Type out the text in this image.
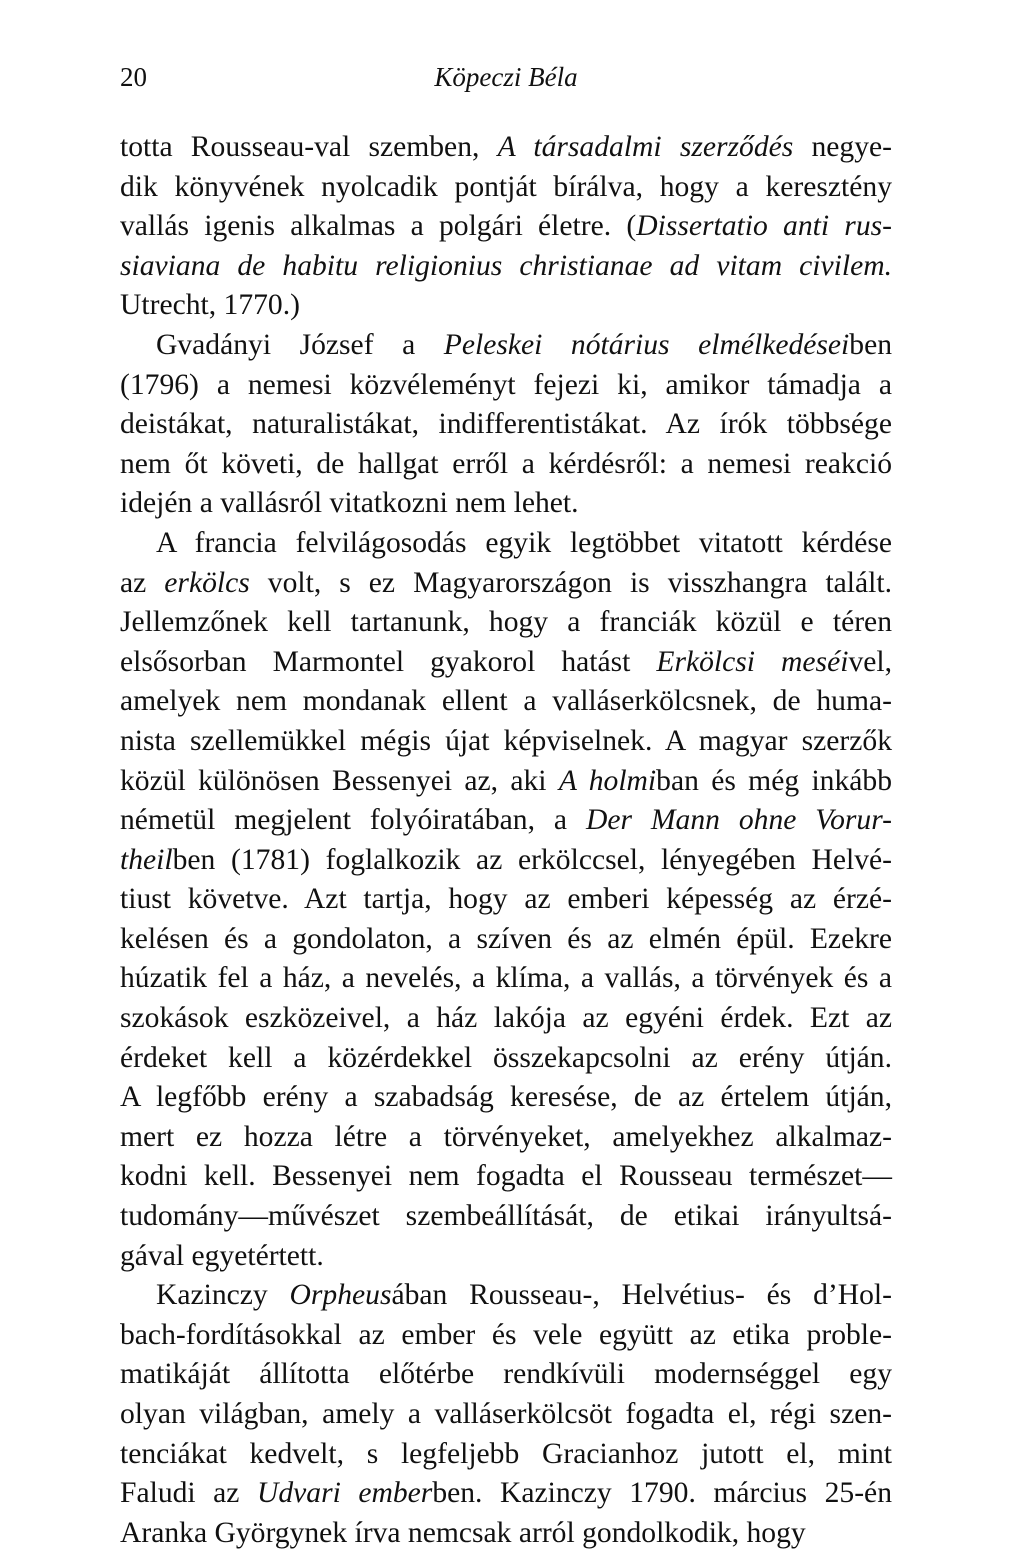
20	Köpeczi Béla
totta Rousseau-val szemben, A társadalmi szerződés negye-
dik könyvének nyolcadik pontját bírálva, hogy a keresztény
vallás igenis alkalmas a polgári életre. (Dissertatio anti rus-
siaviana de habitu religionius christianae ad vitam civilem.
Utrecht, 1770.)
Gvadányi József a Peleskei nótárius elmélkedéseiben
(1796) a nemesi közvéleményt fejezi ki, amikor támadja a
deistákat, naturalistákat, indifferentistákat. Az írók többsége
nem őt követi, de hallgat erről a kérdésről: a nemesi reakció
idején a vallásról vitatkozni nem lehet.
A francia felvilágosodás egyik legtöbbet vitatott kérdése
az erkölcs volt, s ez Magyarországon is visszhangra talált.
Jellemzőnek kell tartanunk, hogy a franciák közül e téren
elsősorban Marmontel gyakorol hatást Erkölcsi meséivel,
amelyek nem mondanak ellent a valláserkölcsnek, de huma-
nista szellemükkel mégis újat képviselnek. A magyar szerzők
közül különösen Bessenyei az, aki A holmiban és még inkább
németül megjelent folyóiratában, a Der Mann ohne Vorur-
theilben (1781) foglalkozik az erkölccsel, lényegében Helvé-
tiust követve. Azt tartja, hogy az emberi képesség az érzé-
kelésen és a gondolaton, a szíven és az elmén épül. Ezekre
húzatik fel a ház, a nevelés, a klíma, a vallás, a törvények és a
szokások eszközeivel, a ház lakója az egyéni érdek. Ezt az
érdeket kell a közérdekkel összekapcsolni az erény útján.
A legfőbb erény a szabadság keresése, de az értelem útján,
mert ez hozza létre a törvényeket, amelyekhez alkalmaz-
kodni kell. Bessenyei nem fogadta el Rousseau természet—
tudomány—művészet szembeállítását, de etikai irányultsá-
gával egyetértett.
Kazinczy Orpheusában Rousseau-, Helvétius- és d’Hol-
bach-fordításokkal az ember és vele együtt az etika proble-
matikáját állította előtérbe rendkívüli modernséggel egy
olyan világban, amely a valláserkölcsöt fogadta el, régi szen-
tenciákat kedvelt, s legfeljebb Gracianhoz jutott el, mint
Faludi az Udvari emberben. Kazinczy 1790. március 25-én
Aranka Györgynek írva nemcsak arról gondolkodik, hogy
